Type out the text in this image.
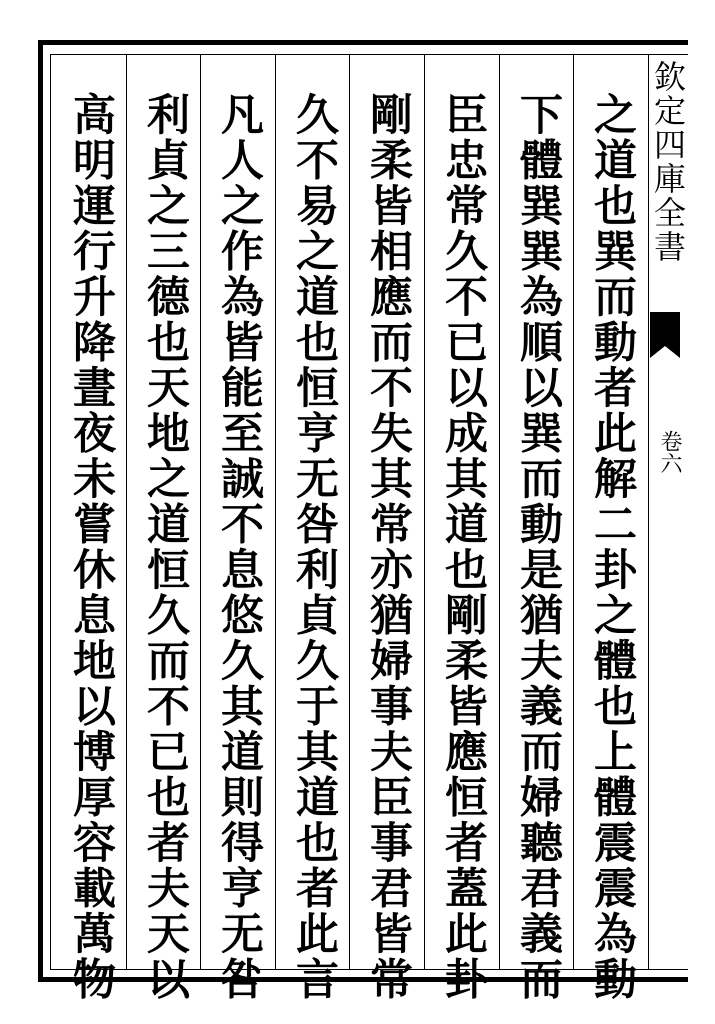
之道也巽而動者此解二卦之體也上體震震為動
下體巽巽為順以巽而動是猶夫義而婦聽君義而
臣忠常久不已以成其道也剛柔皆應恒者蓋此卦
剛柔皆相應而不失其常亦猶婦事夫臣事君皆常
久不易之道也恒亨无咎利貞久于其道也者此言
凡人之作為皆能至誠不息悠久其道則得亨无咎
利貞之三德也天地之道恒久而不已也者夫天以
高明運行升降晝夜未嘗休息地以博厚容載萬物	欽定四庫全書
卷六
